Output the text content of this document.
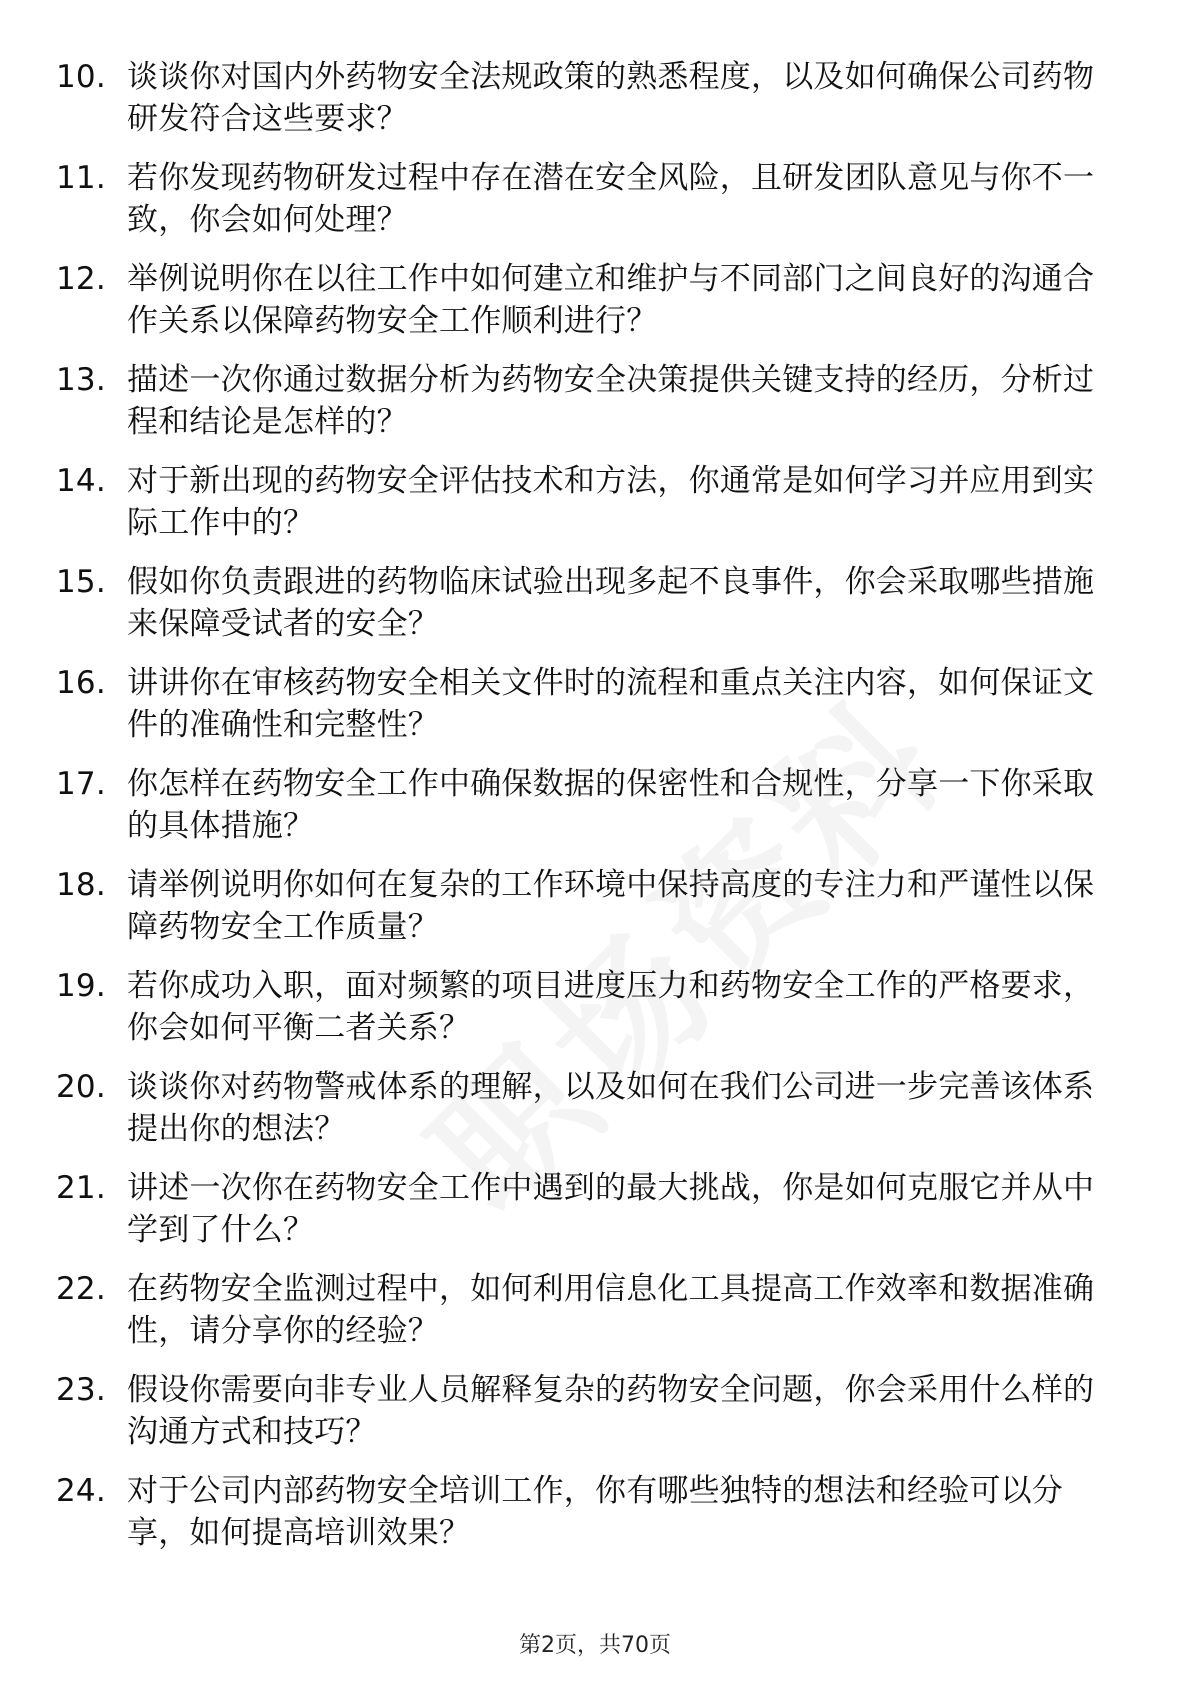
10. 谈谈你对国内外药物安全法规政策的熟悉程度，以及如何确保公司药物研发符合这些要求？
11. 若你发现药物研发过程中存在潜在安全风险，且研发团队意见与你不一致，你会如何处理？
12. 举例说明你在以往工作中如何建立和维护与不同部门之间良好的沟通合作关系以保障药物安全工作顺利进行？
13. 描述一次你通过数据分析为药物安全决策提供关键支持的经历，分析过程和结论是怎样的？
14. 对于新出现的药物安全评估技术和方法，你通常是如何学习并应用到实际工作中的？
15. 假如你负责跟进的药物临床试验出现多起不良事件，你会采取哪些措施来保障受试者的安全？
16. 讲讲你在审核药物安全相关文件时的流程和重点关注内容，如何保证文件的准确性和完整性？
17. 你怎样在药物安全工作中确保数据的保密性和合规性，分享一下你采取的具体措施？
18. 请举例说明你如何在复杂的工作环境中保持高度的专注力和严谨性以保障药物安全工作质量？
19. 若你成功入职，面对频繁的项目进度压力和药物安全工作的严格要求，你会如何平衡二者关系？
20. 谈谈你对药物警戒体系的理解，以及如何在我们公司进一步完善该体系提出你的想法？
21. 讲述一次你在药物安全工作中遇到的最大挑战，你是如何克服它并从中学到了什么？
22. 在药物安全监测过程中，如何利用信息化工具提高工作效率和数据准确性，请分享你的经验？
23. 假设你需要向非专业人员解释复杂的药物安全问题，你会采用什么样的沟通方式和技巧？
24. 对于公司内部药物安全培训工作，你有哪些独特的想法和经验可以分享，如何提高培训效果？
第2页，共70页
